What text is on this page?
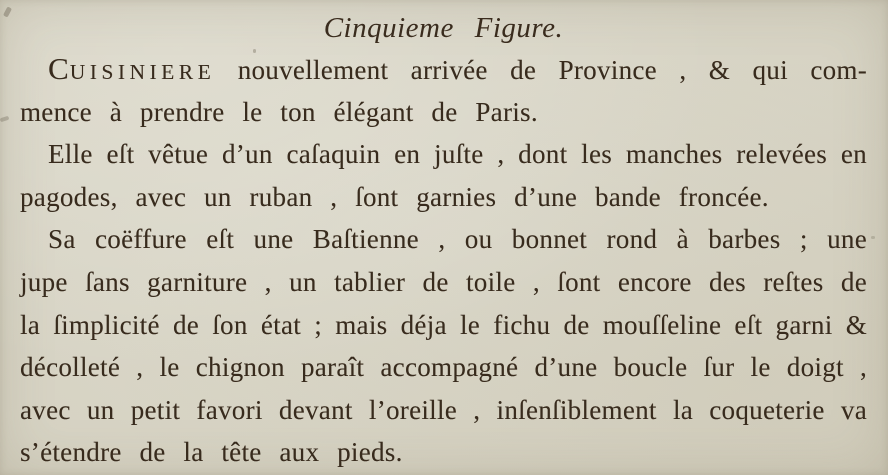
Cinquieme Figure.
CUISINIERE nouvellement arrivée de Province , & qui com-
mence à prendre le ton élégant de Paris.
Elle eſt vêtue d’un caſaquin en juſte , dont les manches relevées en
pagodes, avec un ruban , ſont garnies d’une bande froncée.
Sa coëffure eſt une Baſtienne , ou bonnet rond à barbes ; une
jupe ſans garniture , un tablier de toile , ſont encore des reſtes de
la ſimplicité de ſon état ; mais déja le fichu de mouſſeline eſt garni &
décolleté , le chignon paraît accompagné d’une boucle ſur le doigt ,
avec un petit favori devant l’oreille , inſenſiblement la coqueterie va
s’étendre de la tête aux pieds.
